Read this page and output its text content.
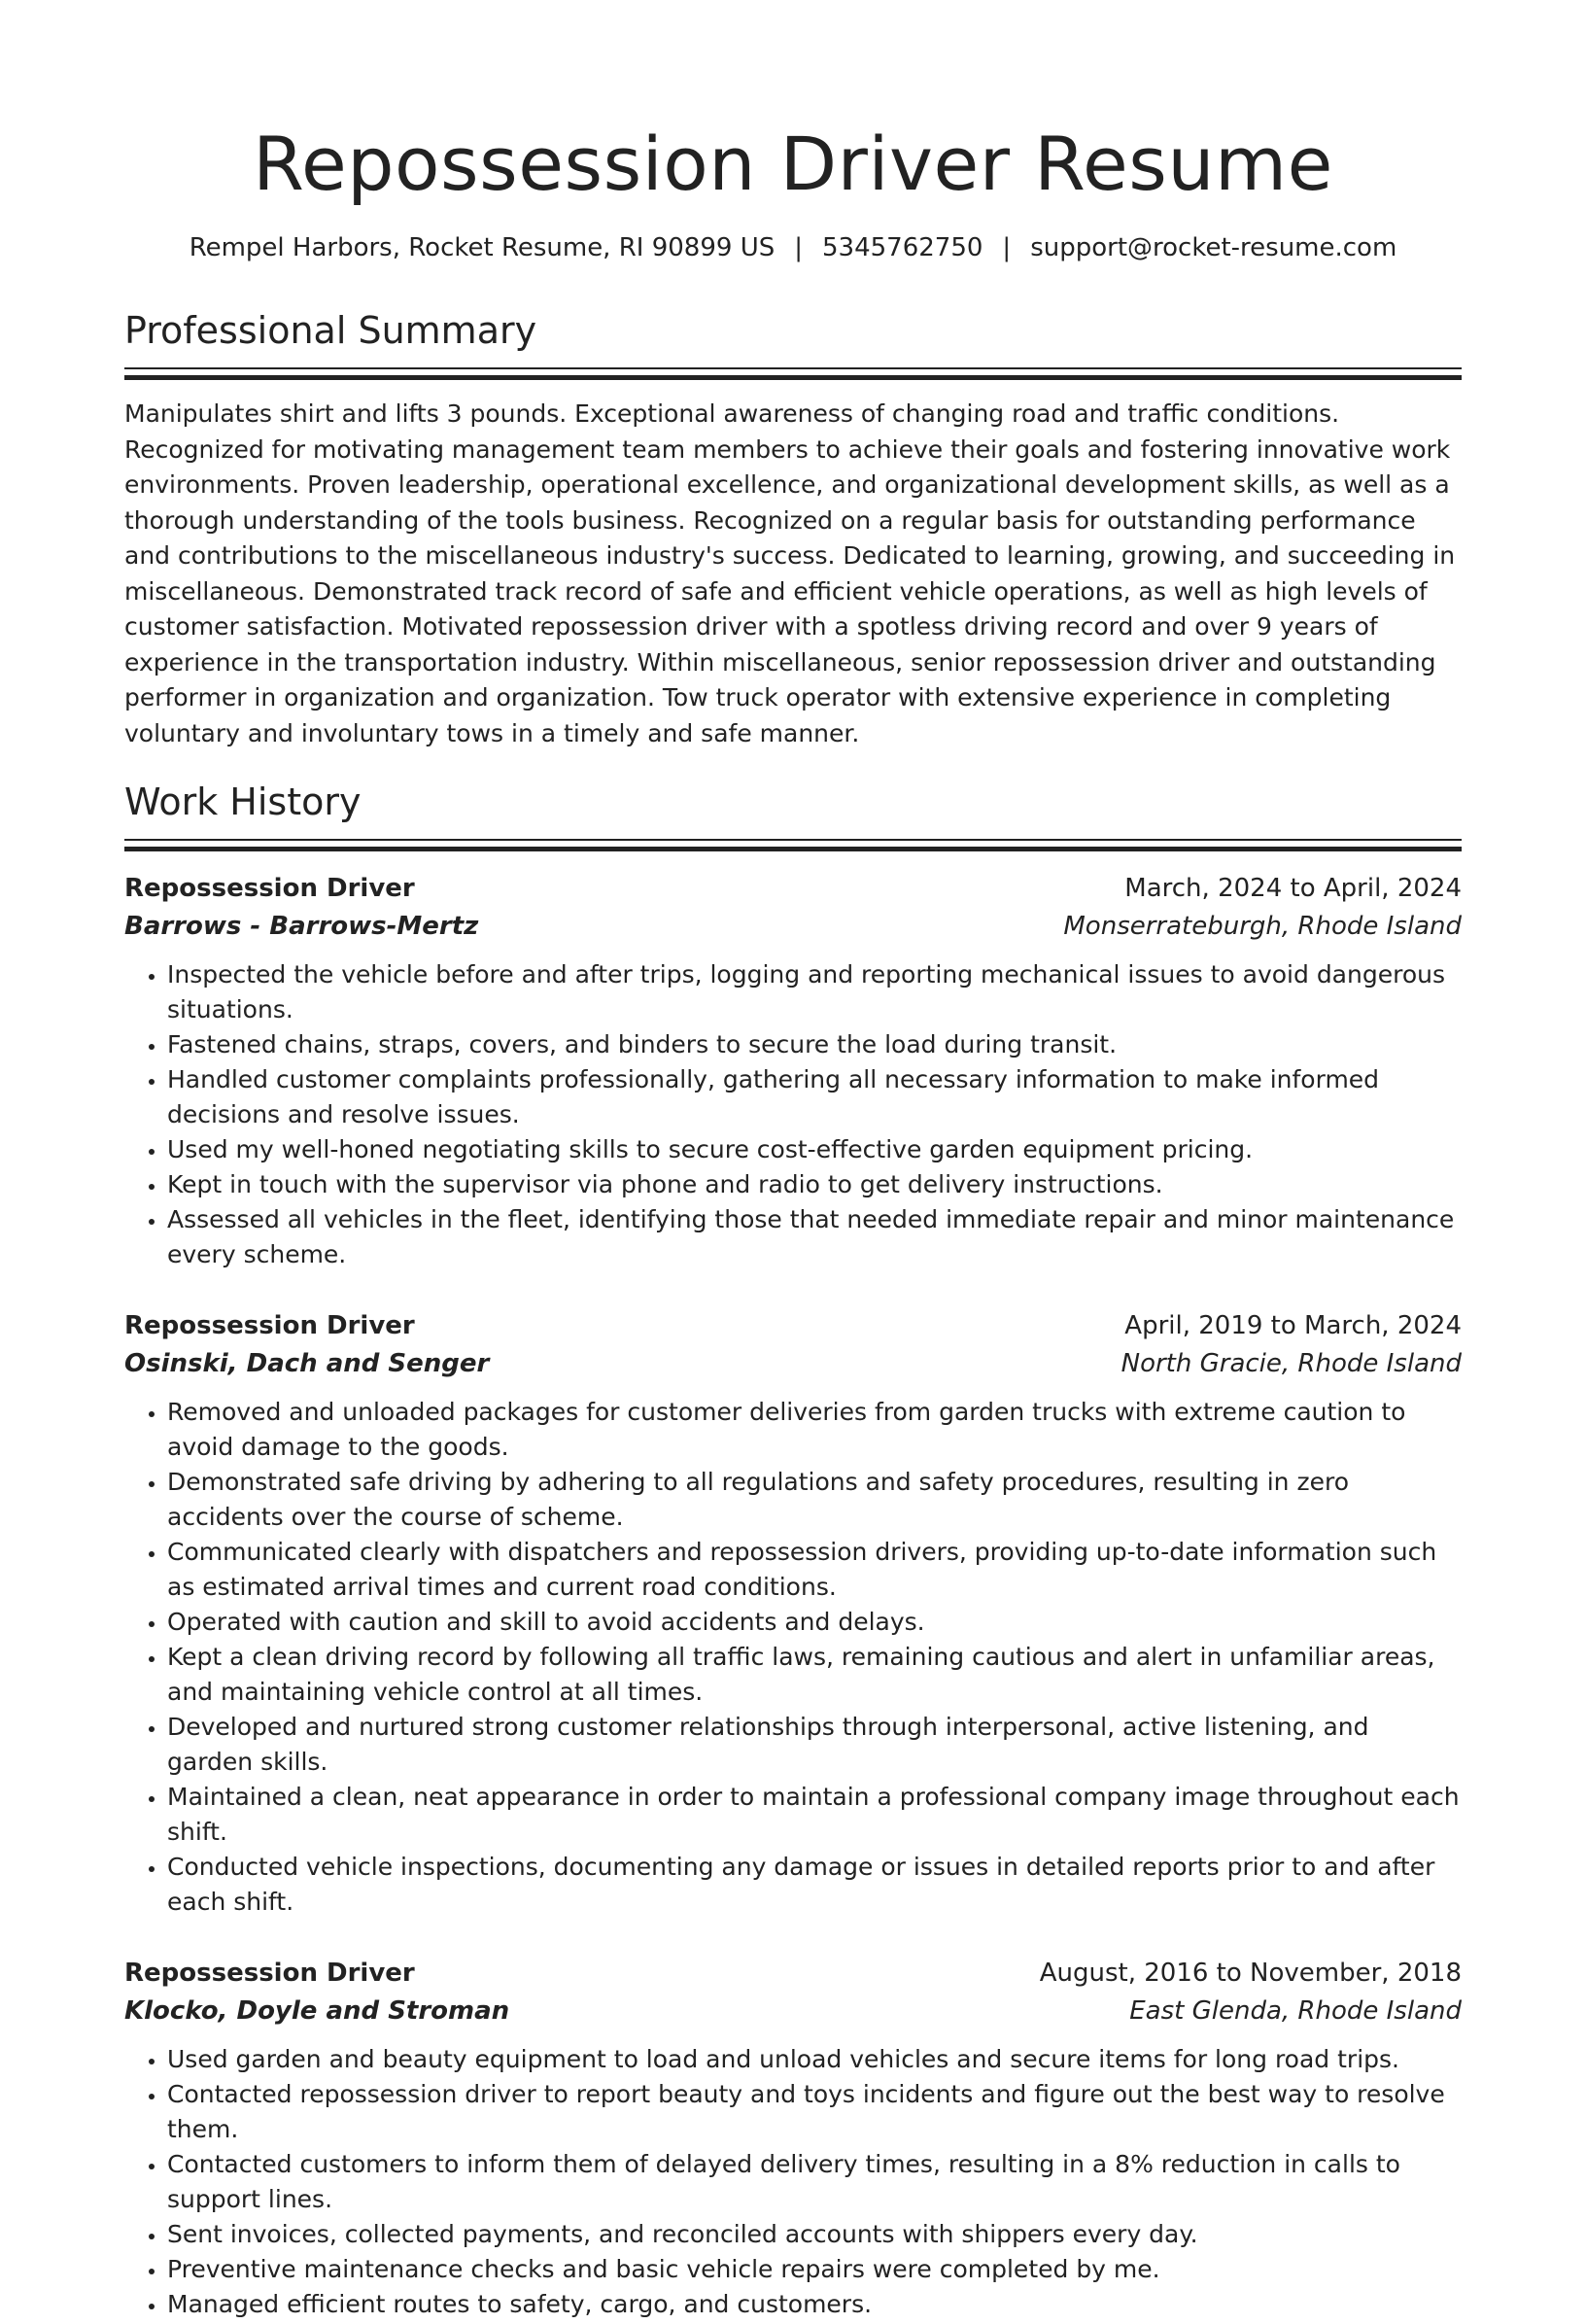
Repossession Driver Resume
Rempel Harbors, Rocket Resume, RI 90899 US | 5345762750 | support@rocket-resume.com
Professional Summary

Manipulates shirt and lifts 3 pounds. Exceptional awareness of changing road and traffic conditions. Recognized for motivating management team members to achieve their goals and fostering innovative work environments. Proven leadership, operational excellence, and organizational development skills, as well as a thorough understanding of the tools business. Recognized on a regular basis for outstanding performance and contributions to the miscellaneous industry's success. Dedicated to learning, growing, and succeeding in miscellaneous. Demonstrated track record of safe and efficient vehicle operations, as well as high levels of customer satisfaction. Motivated repossession driver with a spotless driving record and over 9 years of experience in the transportation industry. Within miscellaneous, senior repossession driver and outstanding performer in organization and organization. Tow truck operator with extensive experience in completing voluntary and involuntary tows in a timely and safe manner.

Work History
Repossession Driver	March, 2024 to April, 2024
Barrows - Barrows-Mertz	Monserrateburgh, Rhode Island
• Inspected the vehicle before and after trips, logging and reporting mechanical issues to avoid dangerous situations.
• Fastened chains, straps, covers, and binders to secure the load during transit.
• Handled customer complaints professionally, gathering all necessary information to make informed decisions and resolve issues.
• Used my well-honed negotiating skills to secure cost-effective garden equipment pricing.
• Kept in touch with the supervisor via phone and radio to get delivery instructions.
• Assessed all vehicles in the fleet, identifying those that needed immediate repair and minor maintenance every scheme.
Repossession Driver	April, 2019 to March, 2024
Osinski, Dach and Senger	North Gracie, Rhode Island
• Removed and unloaded packages for customer deliveries from garden trucks with extreme caution to avoid damage to the goods.
• Demonstrated safe driving by adhering to all regulations and safety procedures, resulting in zero accidents over the course of scheme.
• Communicated clearly with dispatchers and repossession drivers, providing up-to-date information such as estimated arrival times and current road conditions.
• Operated with caution and skill to avoid accidents and delays.
• Kept a clean driving record by following all traffic laws, remaining cautious and alert in unfamiliar areas, and maintaining vehicle control at all times.
• Developed and nurtured strong customer relationships through interpersonal, active listening, and garden skills.
• Maintained a clean, neat appearance in order to maintain a professional company image throughout each shift.
• Conducted vehicle inspections, documenting any damage or issues in detailed reports prior to and after each shift.
Repossession Driver	August, 2016 to November, 2018
Klocko, Doyle and Stroman	East Glenda, Rhode Island
• Used garden and beauty equipment to load and unload vehicles and secure items for long road trips.
• Contacted repossession driver to report beauty and toys incidents and figure out the best way to resolve them.
• Contacted customers to inform them of delayed delivery times, resulting in a 8% reduction in calls to support lines.
• Sent invoices, collected payments, and reconciled accounts with shippers every day.
• Preventive maintenance checks and basic vehicle repairs were completed by me.
• Managed efficient routes to safety, cargo, and customers.
